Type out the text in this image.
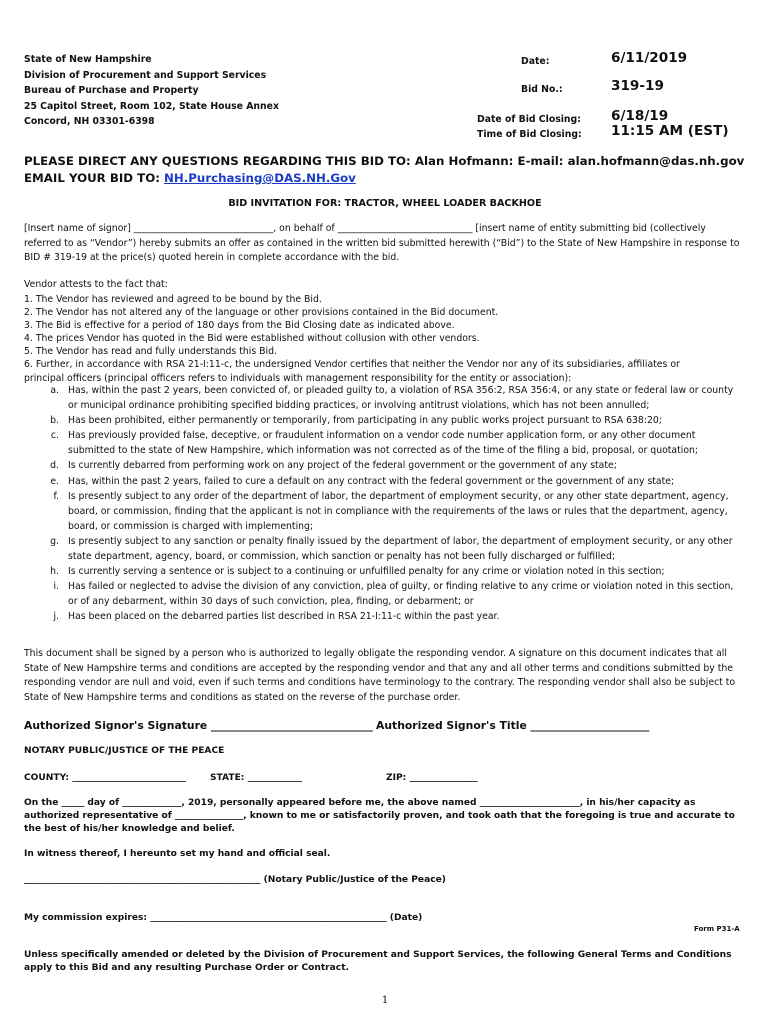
State of New Hampshire
Division of Procurement and Support Services
Bureau of Purchase and Property
25 Capitol Street, Room 102, State House Annex
Concord, NH 03301-6398
Date:	6/11/2019
Bid No.:	319-19
Date of Bid Closing: 6/18/19
Time of Bid Closing: 11:15 AM (EST)
PLEASE DIRECT ANY QUESTIONS REGARDING THIS BID TO: Alan Hofmann: E-mail: alan.hofmann@das.nh.gov
EMAIL YOUR BID TO: NH.Purchasing@DAS.NH.Gov
BID INVITATION FOR: TRACTOR, WHEEL LOADER BACKHOE
[Insert name of signor] ______________________________, on behalf of _____________________________ [insert name of entity submitting bid (collectively referred to as “Vendor”) hereby submits an offer as contained in the written bid submitted herewith (“Bid”) to the State of New Hampshire in response to BID # 319-19 at the price(s) quoted herein in complete accordance with the bid.
Vendor attests to the fact that:
1. The Vendor has reviewed and agreed to be bound by the Bid.
2. The Vendor has not altered any of the language or other provisions contained in the Bid document.
3. The Bid is effective for a period of 180 days from the Bid Closing date as indicated above.
4. The prices Vendor has quoted in the Bid were established without collusion with other vendors.
5. The Vendor has read and fully understands this Bid.
6. Further, in accordance with RSA 21-I:11-c, the undersigned Vendor certifies that neither the Vendor nor any of its subsidiaries, affiliates or
principal officers (principal officers refers to individuals with management responsibility for the entity or association):
a. Has, within the past 2 years, been convicted of, or pleaded guilty to, a violation of RSA 356:2, RSA 356:4, or any state or federal law or county or municipal ordinance prohibiting specified bidding practices, or involving antitrust violations, which has not been annulled;
b. Has been prohibited, either permanently or temporarily, from participating in any public works project pursuant to RSA 638:20;
c. Has previously provided false, deceptive, or fraudulent information on a vendor code number application form, or any other document submitted to the state of New Hampshire, which information was not corrected as of the time of the filing a bid, proposal, or quotation;
d. Is currently debarred from performing work on any project of the federal government or the government of any state;
e. Has, within the past 2 years, failed to cure a default on any contract with the federal government or the government of any state;
f. Is presently subject to any order of the department of labor, the department of employment security, or any other state department, agency, board, or commission, finding that the applicant is not in compliance with the requirements of the laws or rules that the department, agency, board, or commission is charged with implementing;
g. Is presently subject to any sanction or penalty finally issued by the department of labor, the department of employment security, or any other state department, agency, board, or commission, which sanction or penalty has not been fully discharged or fulfilled;
h. Is currently serving a sentence or is subject to a continuing or unfulfilled penalty for any crime or violation noted in this section;
i. Has failed or neglected to advise the division of any conviction, plea of guilty, or finding relative to any crime or violation noted in this section, or of any debarment, within 30 days of such conviction, plea, finding, or debarment; or
j. Has been placed on the debarred parties list described in RSA 21-I:11-c within the past year.
This document shall be signed by a person who is authorized to legally obligate the responding vendor. A signature on this document indicates that all State of New Hampshire terms and conditions are accepted by the responding vendor and that any and all other terms and conditions submitted by the responding vendor are null and void, even if such terms and conditions have terminology to the contrary. The responding vendor shall also be subject to State of New Hampshire terms and conditions as stated on the reverse of the purchase order.
Authorized Signor's Signature ______________________________ Authorized Signor's Title ______________________
NOTARY PUBLIC/JUSTICE OF THE PEACE
COUNTY: _________________________	STATE: ____________	ZIP: _______________
On the _____ day of _____________, 2019, personally appeared before me, the above named ______________________, in his/her capacity as authorized representative of _______________, known to me or satisfactorily proven, and took oath that the foregoing is true and accurate to the best of his/her knowledge and belief.
In witness thereof, I hereunto set my hand and official seal.
____________________________________________________ (Notary Public/Justice of the Peace)
My commission expires: ____________________________________________________ (Date)
Form P31-A
Unless specifically amended or deleted by the Division of Procurement and Support Services, the following General Terms and Conditions apply to this Bid and any resulting Purchase Order or Contract.
1
